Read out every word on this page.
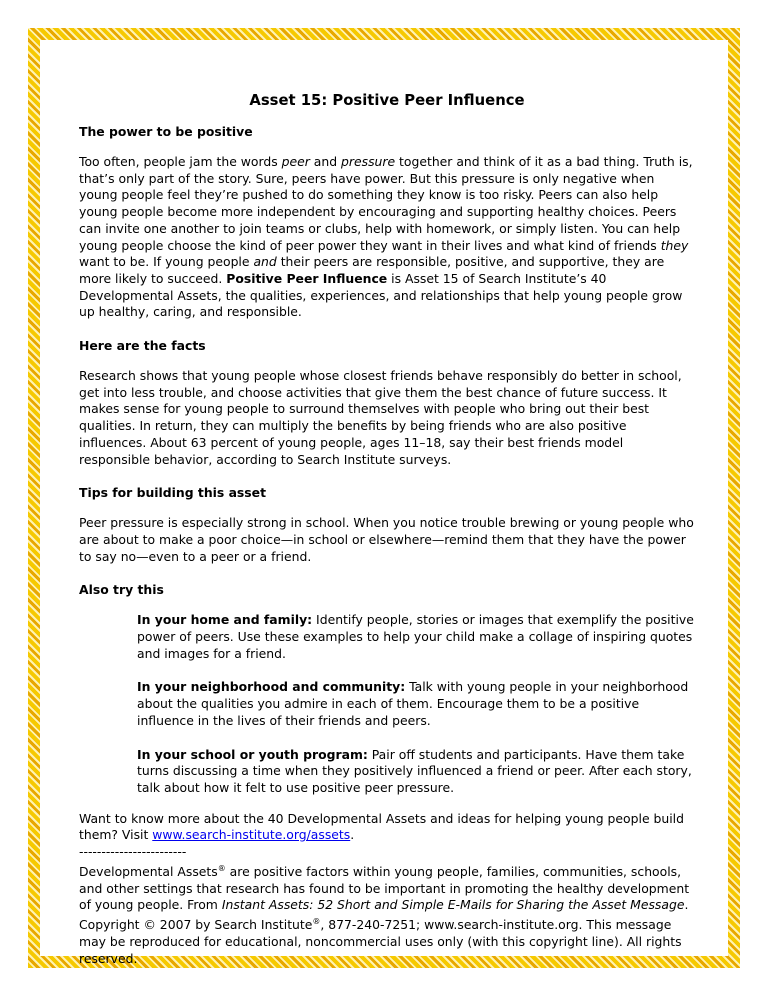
Asset 15: Positive Peer Influence
The power to be positive

Too often, people jam the words peer and pressure together and think of it as a bad thing. Truth is, that’s only part of the story. Sure, peers have power. But this pressure is only negative when young people feel they’re pushed to do something they know is too risky. Peers can also help young people become more independent by encouraging and supporting healthy choices. Peers can invite one another to join teams or clubs, help with homework, or simply listen. You can help young people choose the kind of peer power they want in their lives and what kind of friends they want to be. If young people and their peers are responsible, positive, and supportive, they are more likely to succeed. Positive Peer Influence is Asset 15 of Search Institute’s 40 Developmental Assets, the qualities, experiences, and relationships that help young people grow up healthy, caring, and responsible.

Here are the facts

Research shows that young people whose closest friends behave responsibly do better in school, get into less trouble, and choose activities that give them the best chance of future success. It makes sense for young people to surround themselves with people who bring out their best qualities. In return, they can multiply the benefits by being friends who are also positive influences. About 63 percent of young people, ages 11–18, say their best friends model responsible behavior, according to Search Institute surveys.

Tips for building this asset

Peer pressure is especially strong in school. When you notice trouble brewing or young people who are about to make a poor choice—in school or elsewhere—remind them that they have the power to say no—even to a peer or a friend.

Also try this

In your home and family: Identify people, stories or images that exemplify the positive power of peers. Use these examples to help your child make a collage of inspiring quotes and images for a friend.

In your neighborhood and community: Talk with young people in your neighborhood about the qualities you admire in each of them. Encourage them to be a positive influence in the lives of their friends and peers.

In your school or youth program: Pair off students and participants. Have them take turns discussing a time when they positively influenced a friend or peer. After each story, talk about how it felt to use positive peer pressure.

Want to know more about the 40 Developmental Assets and ideas for helping young people build them? Visit www.search-institute.org/assets.

------------------------

Developmental Assets® are positive factors within young people, families, communities, schools, and other settings that research has found to be important in promoting the healthy development of young people. From Instant Assets: 52 Short and Simple E-Mails for Sharing the Asset Message. Copyright © 2007 by Search Institute®, 877-240-7251; www.search-institute.org. This message may be reproduced for educational, noncommercial uses only (with this copyright line). All rights reserved.
